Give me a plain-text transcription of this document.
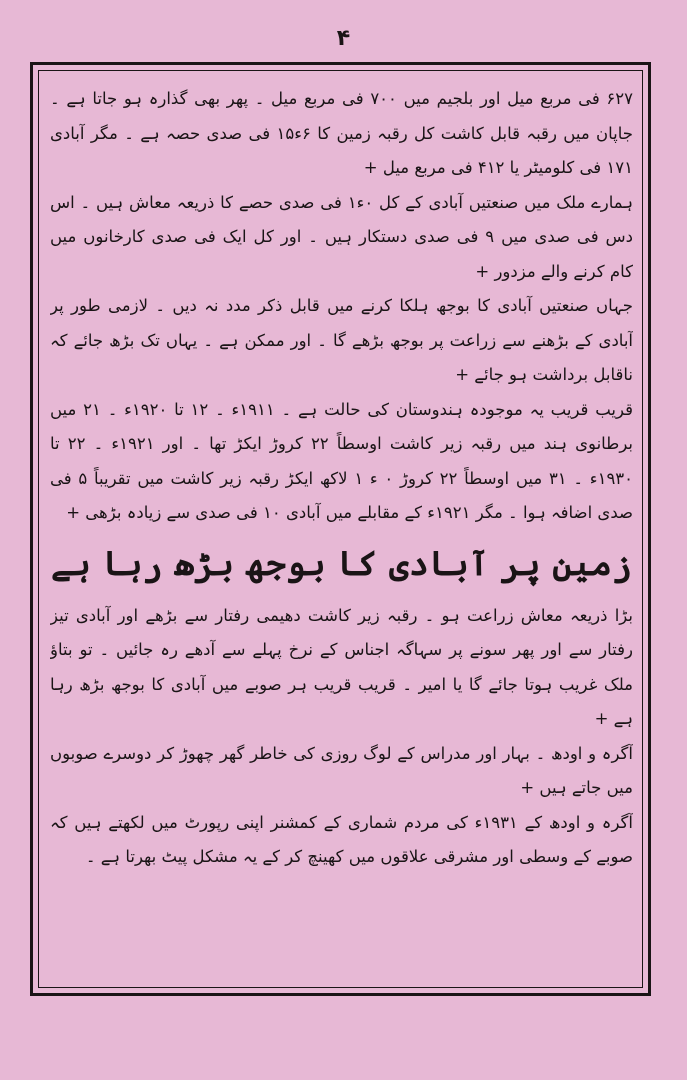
۴

۶۲۷ فی مربع میل اور بلجیم میں ۷۰۰ فی مربع میل ۔ پھر بھی گذارہ ہو جاتا ہے ۔ جاپان میں رقبہ قابل کاشت کل رقبہ زمین کا ۶ء۱۵ فی صدی حصہ ہے ۔ مگر آبادی ۱۷۱ فی کلومیٹر یا ۴۱۲ فی مربع میل +

ہمارے ملک میں صنعتیں آبادی کے کل ۰ء۱ فی صدی حصے کا ذریعہ معاش ہیں ۔ اس دس فی صدی میں ۹ فی صدی دستکار ہیں ۔ اور کل ایک فی صدی کارخانوں میں کام کرنے والے مزدور +

جہاں صنعتیں آبادی کا بوجھ ہلکا کرنے میں قابل ذکر مدد نہ دیں ۔ لازمی طور پر آبادی کے بڑھنے سے زراعت پر بوجھ بڑھے گا ۔ اور ممکن ہے ۔ یہاں تک بڑھ جائے کہ ناقابل برداشت ہو جائے +

قریب قریب یہ موجودہ ہندوستان کی حالت ہے ۔ ۱۹۱۱ء ۔ ۱۲ تا ۱۹۲۰ء ۔ ۲۱ میں برطانوی ہند میں رقبہ زیر کاشت اوسطاً ۲۲ کروڑ ایکڑ تھا ۔ اور ۱۹۲۱ء ۔ ۲۲ تا ۱۹۳۰ء ۔ ۳۱ میں اوسطاً ۲۲ کروڑ ۰ ء ۱ لاکھ ایکڑ رقبہ زیر کاشت میں تقریباً ۵ فی صدی اضافہ ہوا ۔ مگر ۱۹۲۱ء کے مقابلے میں آبادی ۱۰ فی صدی سے زیادہ بڑھی +

زمین پر آبادی کا بوجھ بڑھ رہا ہے

بڑا ذریعہ معاش زراعت ہو ۔ رقبہ زیر کاشت دھیمی رفتار سے بڑھے اور آبادی تیز رفتار سے اور پھر سونے پر سہاگہ اجناس کے نرخ پہلے سے آدھے رہ جائیں ۔ تو بتاؤ ملک غریب ہوتا جائے گا یا امیر ۔ قریب قریب ہر صوبے میں آبادی کا بوجھ بڑھ رہا ہے +

آگرہ و اودھ ۔ بہار اور مدراس کے لوگ روزی کی خاطر گھر چھوڑ کر دوسرے صوبوں میں جاتے ہیں +

آگرہ و اودھ کے ۱۹۳۱ء کی مردم شماری کے کمشنر اپنی رپورٹ میں لکھتے ہیں کہ صوبے کے وسطی اور مشرقی علاقوں میں کھینچ کر کے یہ مشکل پیٹ بھرتا ہے ۔
